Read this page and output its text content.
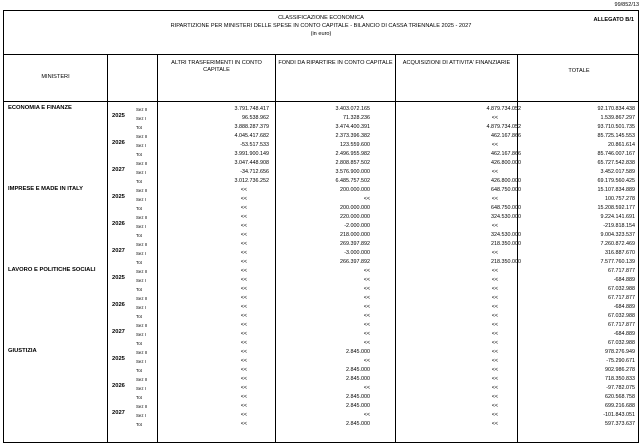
99/852/13
CLASSIFICAZIONE ECONOMICA
RIPARTIZIONE PER MINISTERI DELLE SPESE IN CONTO CAPITALE - BILANCIO DI CASSA TRIENNALE 2025 - 2027
(in euro)
ALLEGATO B/1
MINISTERI
ALTRI TRASFERIMENTI IN CONTO CAPITALE
FONDI DA RIPARTIRE IN CONTO CAPITALE	ACQUISIZIONI DI ATTIVITA' FINANZIARIE
TOTALE
ECONOMIA E FINANZE
2025
Sez II	3.791.748.417	3.403.072.165	4.879.734.052	92.170.834.438
Sez I	96.538.962	71.328.236	<<	1.539.867.297
Tot	3.888.287.379	3.474.400.391	4.879.734.052	93.710.501.735
2026
Sez II	4.045.417.682	2.373.396.382	462.167.866	85.725.145.553
Sez I	-53.517.533	123.559.600	<<	20.861.614
Tot	3.991.900.149	2.496.955.982	462.167.866	85.746.007.167
2027
Sez II	3.047.448.908	2.808.857.502	426.800.000	65.727.542.838
Sez I	-34.712.656	3.576.900.000	<<	3.452.017.589
Tot	3.012.736.252	6.485.757.502	426.800.000	69.179.560.425
IMPRESE E MADE IN ITALY
2025
Sez II	<<	200.000.000	648.750.000	15.107.834.889
Sez I	<<	<<	<<	100.757.278
Tot	<<	200.000.000	648.750.000	15.208.592.177
2026
Sez II	<<	220.000.000	324.530.000	9.224.141.691
Sez I	<<	-2.000.000	<<	-219.818.154
Tot	<<	218.000.000	324.530.000	9.004.323.537
2027
Sez II	<<	269.397.892	218.350.000	7.260.872.469
Sez I	<<	-3.000.000	<<	316.887.670
Tot	<<	266.397.892	218.350.000	7.577.760.139
LAVORO E POLITICHE SOCIALI
2025
Sez II	<<	<<	<<	67.717.877
Sez I	<<	<<	<<	-684.889
Tot	<<	<<	<<	67.032.988
2026
Sez II	<<	<<	<<	67.717.877
Sez I	<<	<<	<<	-684.889
Tot	<<	<<	<<	67.032.988
2027
Sez II	<<	<<	<<	67.717.877
Sez I	<<	<<	<<	-684.889
Tot	<<	<<	<<	67.032.988
GIUSTIZIA
2025
Sez II	<<	2.845.000	<<	978.276.949
Sez I	<<	<<	<<	-75.290.671
Tot	<<	2.845.000	<<	902.986.278
2026
Sez II	<<	2.845.000	<<	718.350.833
Sez I	<<	<<	<<	-97.782.075
Tot	<<	2.845.000	<<	620.568.758
2027
Sez II	<<	2.845.000	<<	699.216.688
Sez I	<<	<<	<<	-101.843.051
Tot	<<	2.845.000	<<	597.373.637
